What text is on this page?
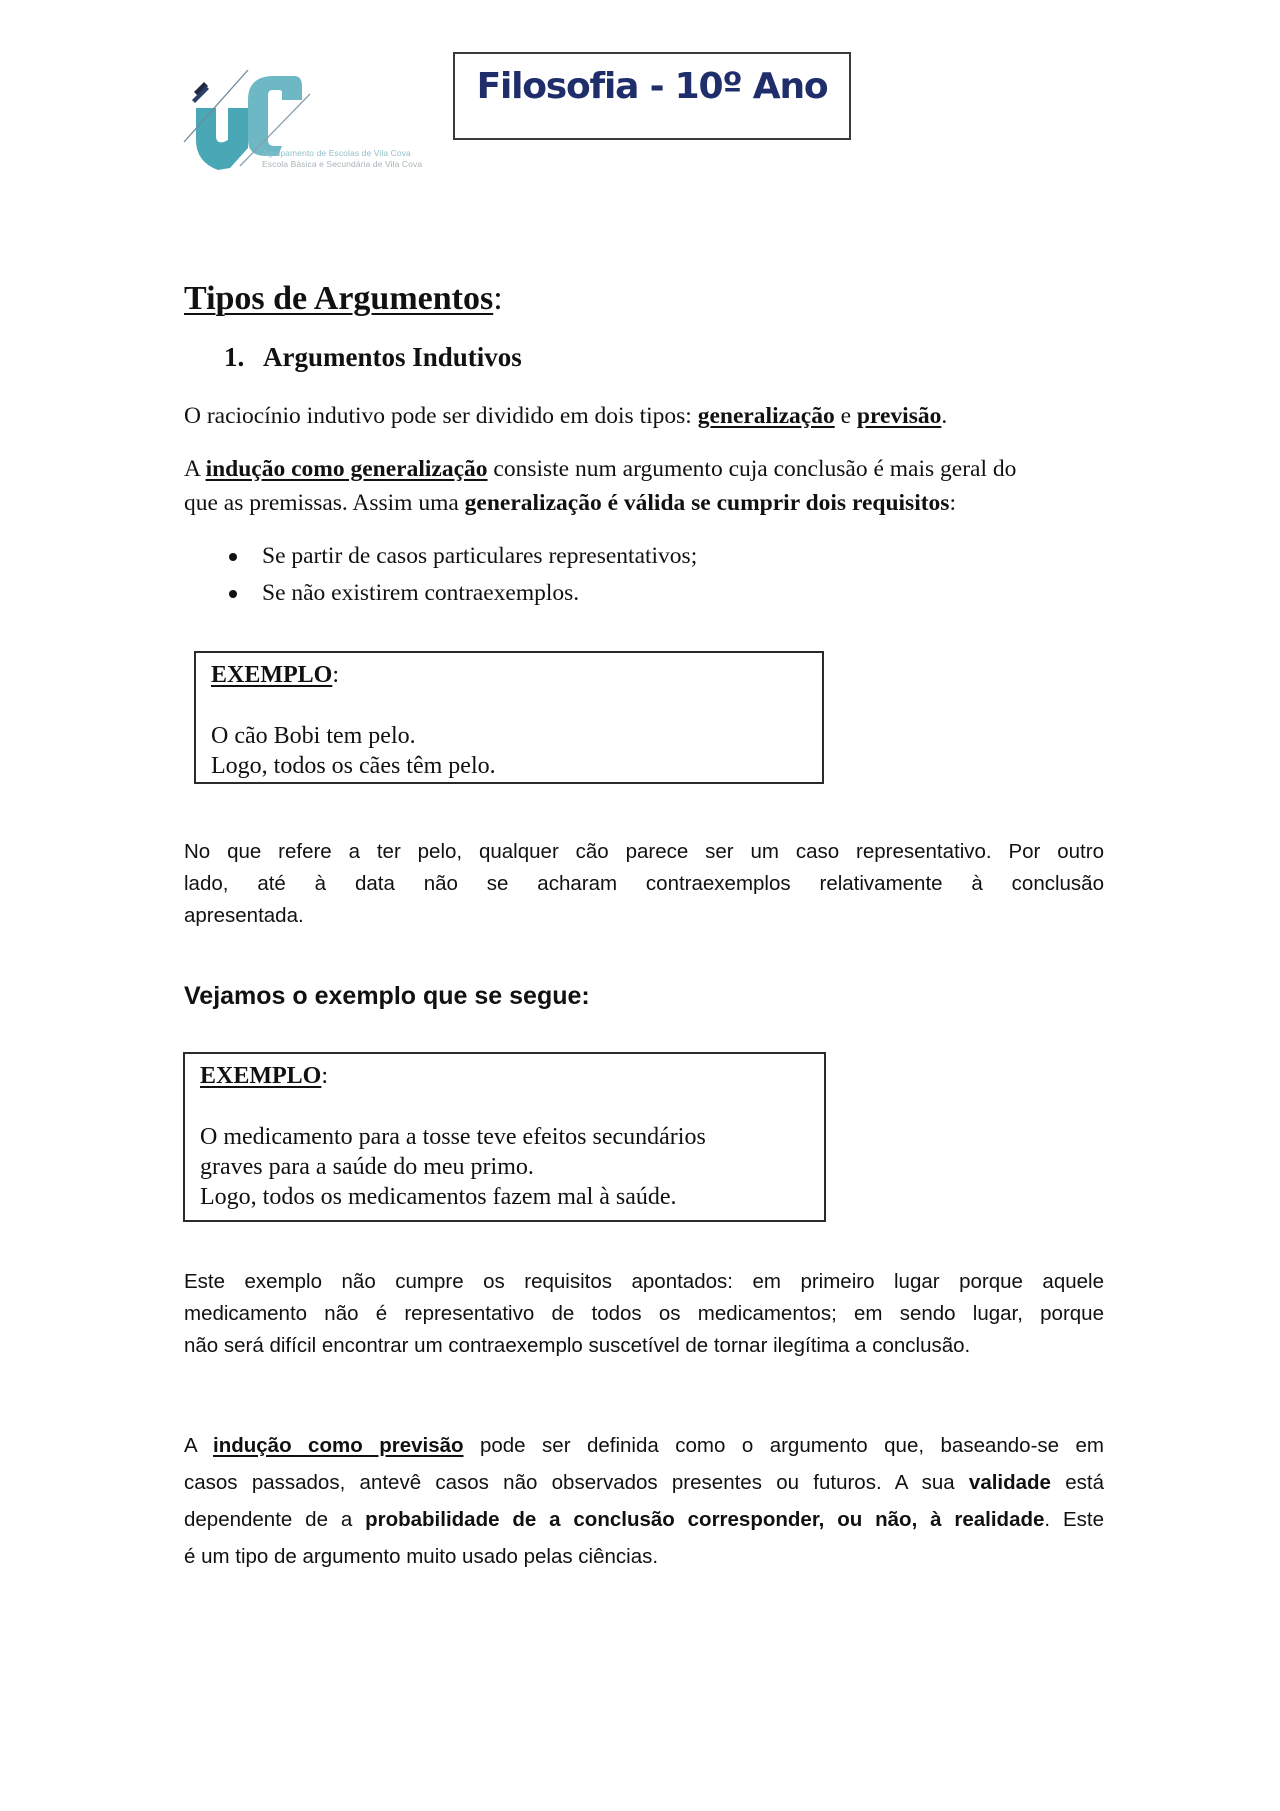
Agrupamento de Escolas de Vila Cova
Escola Básica e Secundária de Vila Cova
Filosofia - 10º Ano
Tipos de Argumentos:
1. Argumentos Indutivos
O raciocínio indutivo pode ser dividido em dois tipos: generalização e previsão.
A indução como generalização consiste num argumento cuja conclusão é mais geral do
que as premissas. Assim uma generalização é válida se cumprir dois requisitos:
Se partir de casos particulares representativos;
Se não existirem contraexemplos.
EXEMPLO:
O cão Bobi tem pelo.
Logo, todos os cães têm pelo.
No que refere a ter pelo, qualquer cão parece ser um caso representativo. Por outro
lado, até à data não se acharam contraexemplos relativamente à conclusão
apresentada.
Vejamos o exemplo que se segue:
EXEMPLO:
O medicamento para a tosse teve efeitos secundários
graves para a saúde do meu primo.
Logo, todos os medicamentos fazem mal à saúde.
Este exemplo não cumpre os requisitos apontados: em primeiro lugar porque aquele
medicamento não é representativo de todos os medicamentos; em sendo lugar, porque
não será difícil encontrar um contraexemplo suscetível de tornar ilegítima a conclusão.
A indução como previsão pode ser definida como o argumento que, baseando-se em
casos passados, antevê casos não observados presentes ou futuros. A sua validade está
dependente de a probabilidade de a conclusão corresponder, ou não, à realidade. Este
é um tipo de argumento muito usado pelas ciências.
